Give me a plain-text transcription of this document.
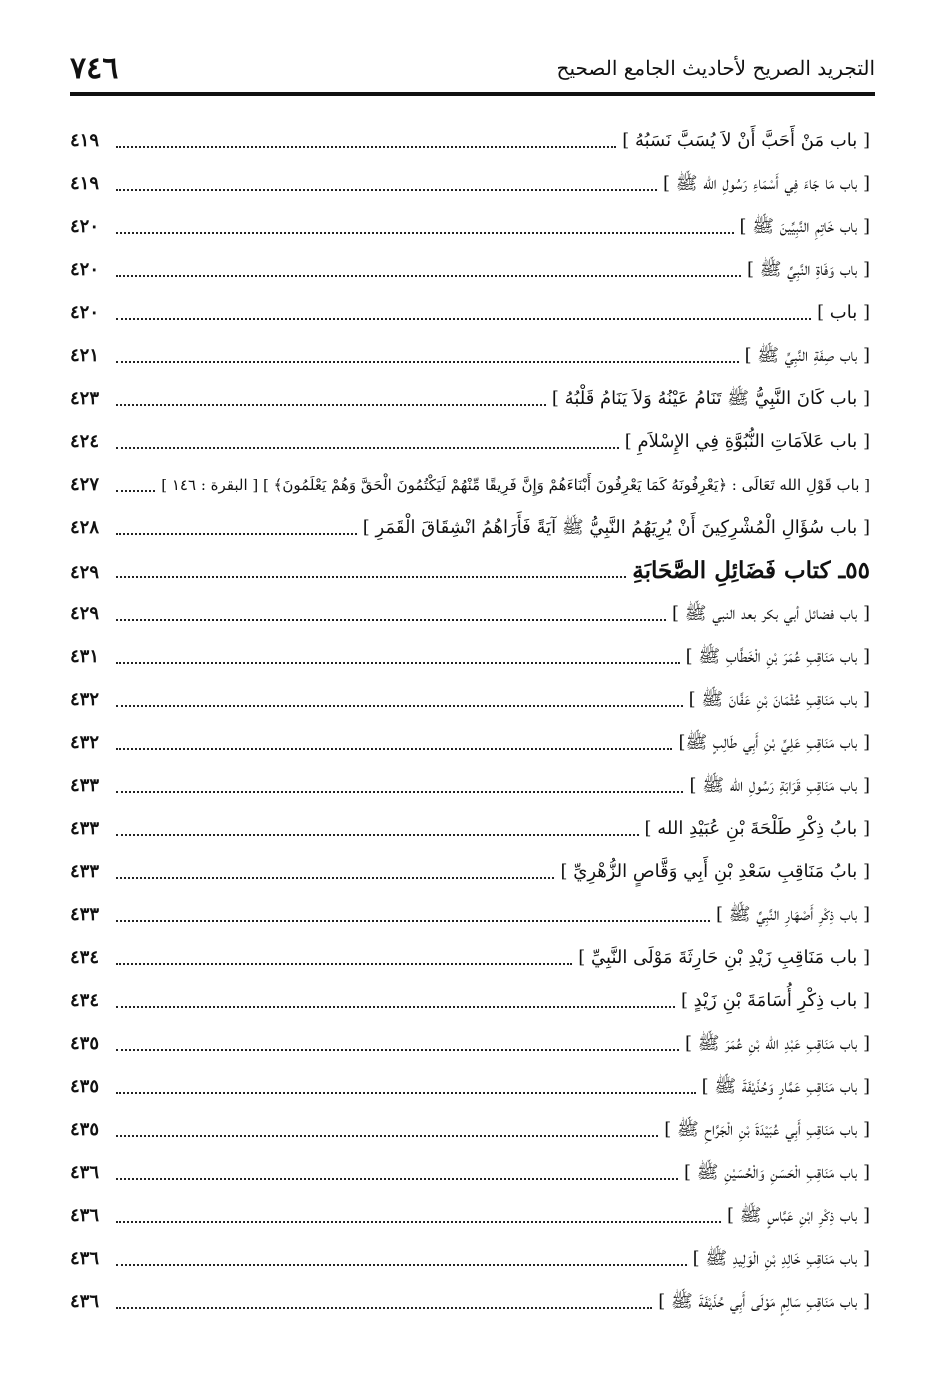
٧٤٦	التجريد الصريح لأحاديث الجامع الصحيح
[ باب مَنْ أَحَبَّ أَنْ لاَ يُسَبَّ نَسَبُهُ ]
٤١٩
[ باب مَا جَاءَ فِي أَسْمَاءِ رَسُولِ الله ﷺ ]
٤١٩
[ باب خَاتِمِ النَّبِيِّينَ ﷺ ]
٤٢٠
[ باب وَفَاةِ النَّبِيِّ ﷺ ]
٤٢٠
[ باب ]
٤٢٠
[ باب صِفَةِ النَّبِيِّ ﷺ ]
٤٢١
[ باب كَانَ النَّبِيُّ ﷺ تَنَامُ عَيْنُهُ وَلاَ يَنَامُ قَلْبُهُ ]
٤٢٣
[ باب عَلاَمَاتِ النُّبُوَّةِ فِي الإِسْلاَمِ ]
٤٢٤
[ باب قَوْلِ الله تَعَالَى : ﴿يَعْرِفُونَهُ كَمَا يَعْرِفُونَ أَبْنَاءَهُمْ وَإِنَّ فَرِيقًا مِّنْهُمْ لَيَكْتُمُونَ الْحَقَّ وَهُمْ يَعْلَمُونَ﴾ ] [ البقرة : ١٤٦ ]
٤٢٧
[ باب سُؤَالِ الْمُشْرِكِينَ أَنْ يُرِيَهُمُ النَّبِيُّ ﷺ آيَةً فَأَرَاهُمُ انْشِقَاقَ الْقَمَرِ ]
٤٢٨
٥٥ـ كتاب فَضَائِلِ الصَّحَابَةِ
٤٢٩
[ باب فضائل أبي بكر بعد النبي ﷺ ]
٤٢٩
[ باب مَنَاقِبِ عُمَرَ بْنِ الْخَطَّابِ ﷺ ]
٤٣١
[ باب مَنَاقِبِ عُثْمَانَ بْنِ عَفَّانَ ﷺ ]
٤٣٢
[ باب مَنَاقِبِ عَلِيِّ بْنِ أَبِي طَالِبٍ ﷺ]
٤٣٢
[ باب مَنَاقِبِ قَرَابَةِ رَسُولِ الله ﷺ ]
٤٣٣
[ بابُ ذِكْرِ طَلْحَةَ بْنِ عُبَيْدِ الله ]
٤٣٣
[ بابُ مَنَاقِبِ سَعْدِ بْنِ أَبِي وَقَّاصٍ الزُّهْرِيِّ ]
٤٣٣
[ باب ذِكْرِ أَصْهَارِ النَّبِيِّ ﷺ ]
٤٣٣
[ باب مَنَاقِبِ زَيْدِ بْنِ حَارِثَةَ مَوْلَى النَّبِيِّ ]
٤٣٤
[ باب ذِكْرِ أُسَامَةَ بْنِ زَيْدٍ ]
٤٣٤
[ باب مَنَاقِبِ عَبْدِ الله بْنِ عُمَرَ ﷺ ]
٤٣٥
[ باب مَنَاقِبِ عَمَّارٍ وَحُذَيْفَةَ ﷺ ]
٤٣٥
[ باب مَنَاقِبِ أَبِي عُبَيْدَةَ بْنِ الْجَرَّاحِ ﷺ ]
٤٣٥
[ باب مَنَاقِبِ الْحَسَنِ وَالْحُسَيْنِ ﷺ ]
٤٣٦
[ باب ذِكْرِ ابْنِ عَبَّاسٍ ﷺ ]
٤٣٦
[ باب مَنَاقِبِ خَالِدِ بْنِ الْوَلِيدِ ﷺ ]
٤٣٦
[ باب مَنَاقِبِ سَالِمٍ مَوْلَى أَبِي حُذَيْفَةَ ﷺ ]
٤٣٦
